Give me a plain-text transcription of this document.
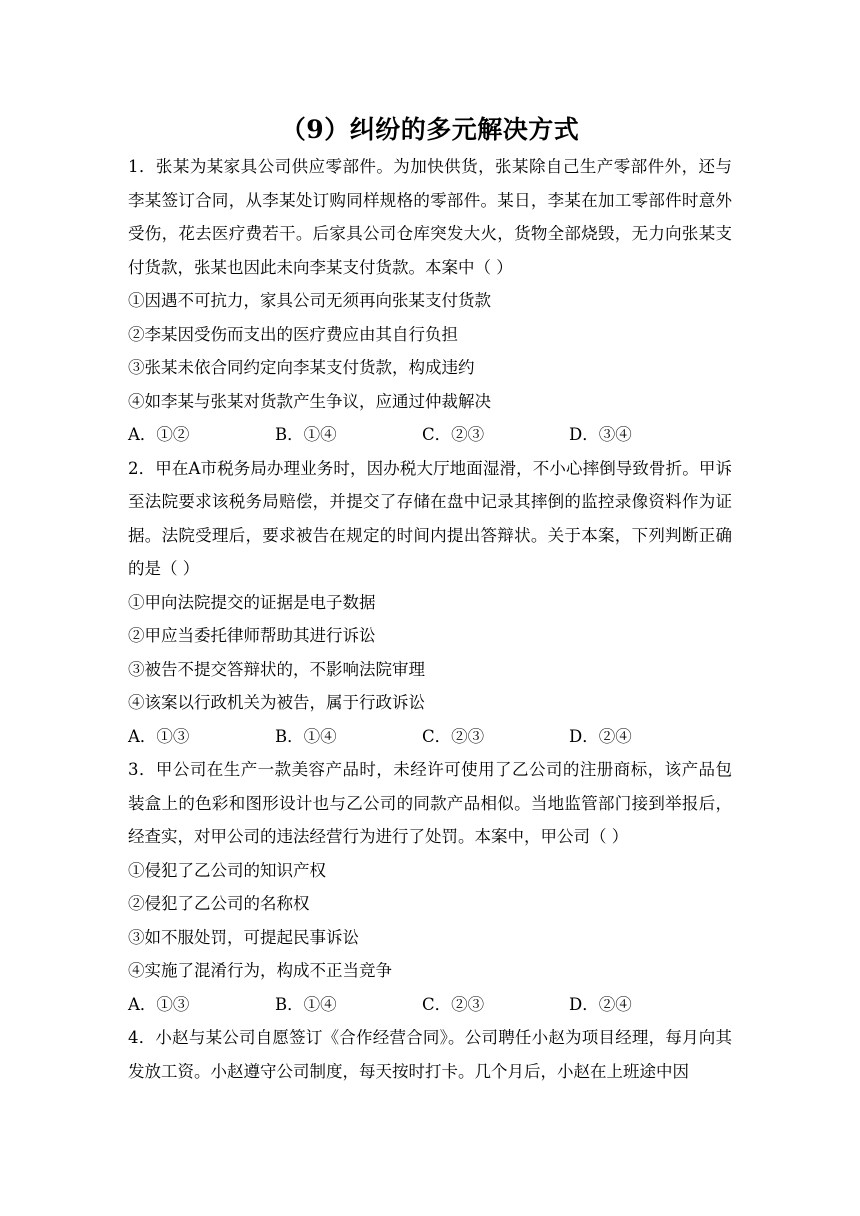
（9）纠纷的多元解决方式

1．张某为某家具公司供应零部件。为加快供货，张某除自己生产零部件外，还与李某签订合同，从李某处订购同样规格的零部件。某日，李某在加工零部件时意外受伤，花去医疗费若干。后家具公司仓库突发大火，货物全部烧毁，无力向张某支付货款，张某也因此未向李某支付货款。本案中（ ）

①因遇不可抗力，家具公司无须再向张某支付货款

②李某因受伤而支出的医疗费应由其自行负担

③张某未依合同约定向李某支付货款，构成违约

④如李某与张某对货款产生争议，应通过仲裁解决

A．①②	B．①④	C．②③	D．③④

2．甲在A市税务局办理业务时，因办税大厅地面湿滑，不小心摔倒导致骨折。甲诉至法院要求该税务局赔偿，并提交了存储在盘中记录其摔倒的监控录像资料作为证据。法院受理后，要求被告在规定的时间内提出答辩状。关于本案，下列判断正确的是（ ）

①甲向法院提交的证据是电子数据

②甲应当委托律师帮助其进行诉讼

③被告不提交答辩状的，不影响法院审理

④该案以行政机关为被告，属于行政诉讼

A．①③	B．①④	C．②③	D．②④

3．甲公司在生产一款美容产品时，未经许可使用了乙公司的注册商标，该产品包装盒上的色彩和图形设计也与乙公司的同款产品相似。当地监管部门接到举报后，经查实，对甲公司的违法经营行为进行了处罚。本案中，甲公司（ ）

①侵犯了乙公司的知识产权

②侵犯了乙公司的名称权

③如不服处罚，可提起民事诉讼

④实施了混淆行为，构成不正当竞争

A．①③	B．①④	C．②③	D．②④

4．小赵与某公司自愿签订《合作经营合同》。公司聘任小赵为项目经理，每月向其发放工资。小赵遵守公司制度，每天按时打卡。几个月后，小赵在上班途中因
